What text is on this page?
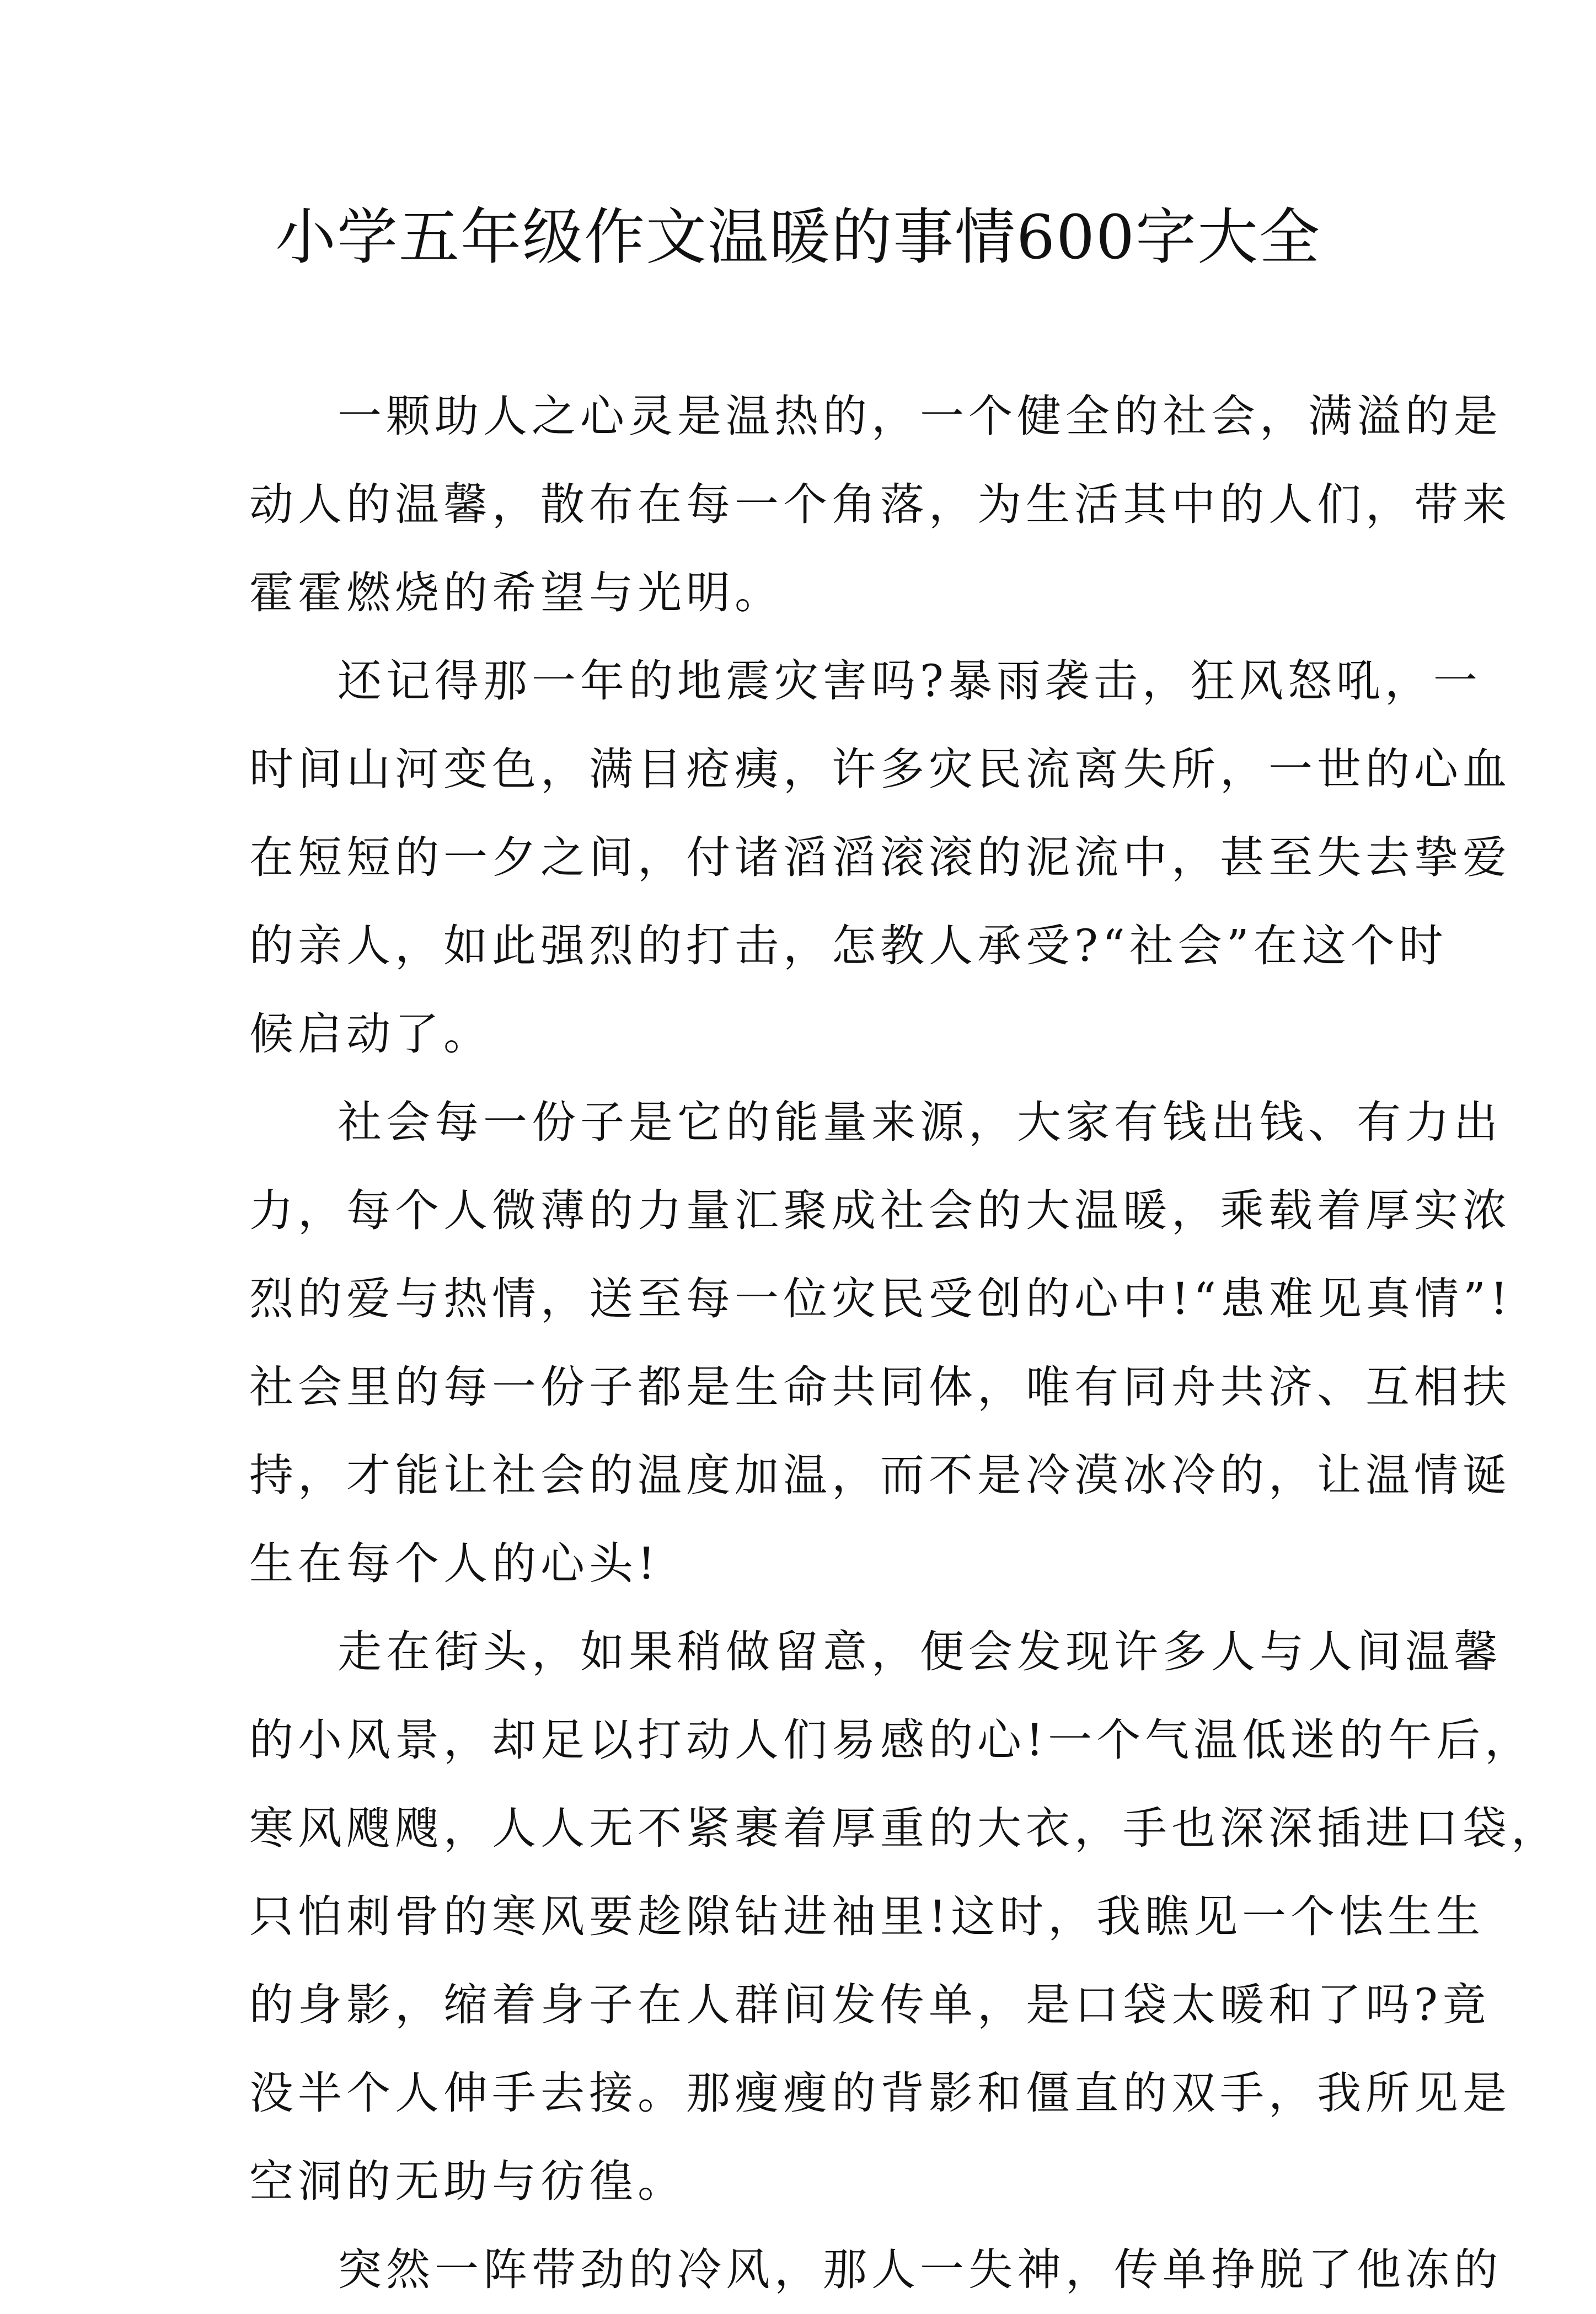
小学五年级作文温暖的事情600字大全
一颗助人之心灵是温热的，一个健全的社会，满溢的是
动人的温馨，散布在每一个角落，为生活其中的人们，带来
霍霍燃烧的希望与光明。
还记得那一年的地震灾害吗?暴雨袭击，狂风怒吼，一
时间山河变色，满目疮痍，许多灾民流离失所，一世的心血
在短短的一夕之间，付诸滔滔滚滚的泥流中，甚至失去挚爱
的亲人，如此强烈的打击，怎教人承受?“社会”在这个时
候启动了。
社会每一份子是它的能量来源，大家有钱出钱、有力出
力，每个人微薄的力量汇聚成社会的大温暖，乘载着厚实浓
烈的爱与热情，送至每一位灾民受创的心中!“患难见真情”!
社会里的每一份子都是生命共同体，唯有同舟共济、互相扶
持，才能让社会的温度加温，而不是冷漠冰冷的，让温情诞
生在每个人的心头!
走在街头，如果稍做留意，便会发现许多人与人间温馨
的小风景，却足以打动人们易感的心!一个气温低迷的午后，
寒风飕飕，人人无不紧裹着厚重的大衣，手也深深插进口袋，
只怕刺骨的寒风要趁隙钻进袖里!这时，我瞧见一个怯生生
的身影，缩着身子在人群间发传单，是口袋太暖和了吗?竟
没半个人伸手去接。那瘦瘦的背影和僵直的双手，我所见是
空洞的无助与彷徨。
突然一阵带劲的冷风，那人一失神，传单挣脱了他冻的
